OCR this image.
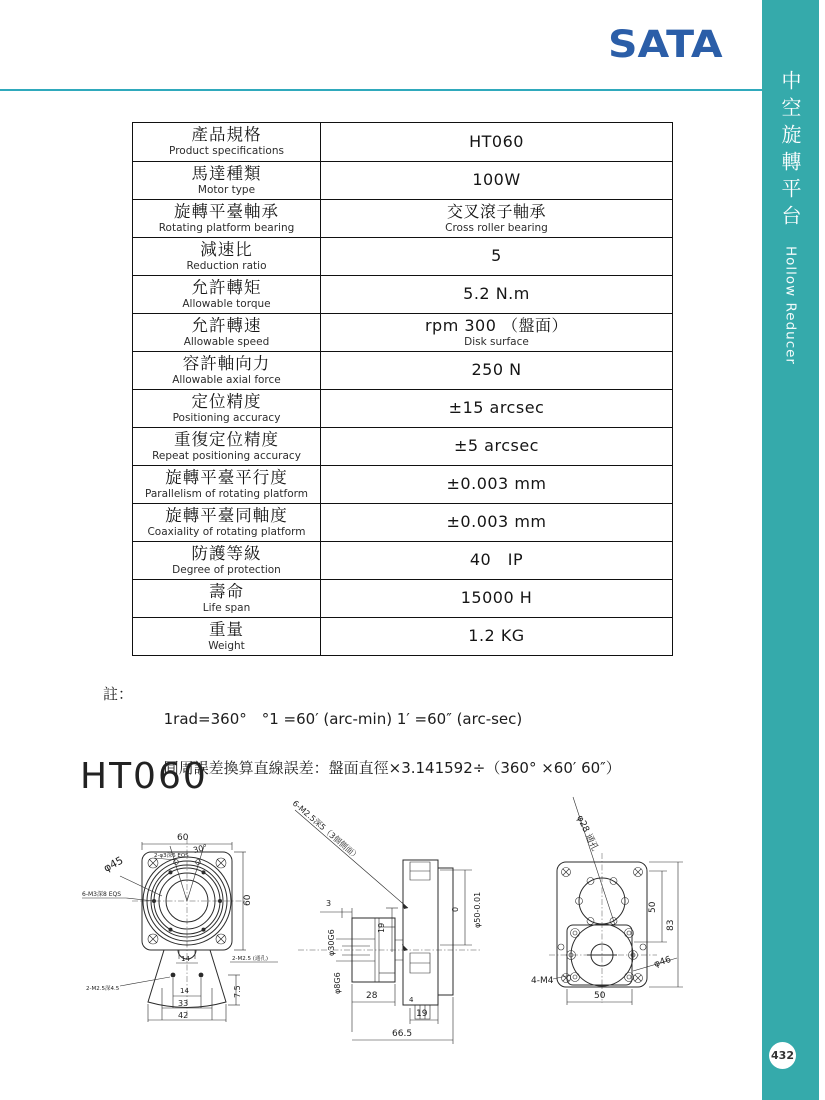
SATA
中空旋轉平台
Hollow Reducer
432
產品規格
Product specifications
HT060
馬達種類
Motor type
100W
旋轉平臺軸承
Rotating platform bearing
交叉滾子軸承
Cross roller bearing
減速比
Reduction ratio
5
允許轉矩
Allowable torque
5.2 N.m
允許轉速
Allowable speed
rpm 300 （盤面）
Disk surface
容許軸向力
Allowable axial force
250 N
定位精度
Positioning accuracy
±15 arcsec
重復定位精度
Repeat positioning accuracy
±5 arcsec
旋轉平臺平行度
Parallelism of rotating platform
±0.003 mm
旋轉平臺同軸度
Coaxiality of rotating platform
±0.003 mm
防護等級
Degree of protection
40　IP
壽命
Life span
15000 H
重量
Weight
1.2 KG
註：

1rad=360°　°1 =60′ (arc-min) 1′ =60″ (arc-sec)

圓周誤差換算直線誤差：盤面直徑×3.141592÷（360° ×60′ 60″）

HT060
60
30°
2-φ3深6 EQS
φ45
6-M3深8 EQS
60
2-M2.5 (通孔)
14
2-M2.5深4.5	14
33
42
7.5
6-M2.5深5（3個側面）
3
19
φ30G6
φ8G6
4
28
19
66.5
0 φ50-0.01
φ28 通孔
50
83
φ46
4-M4
50
